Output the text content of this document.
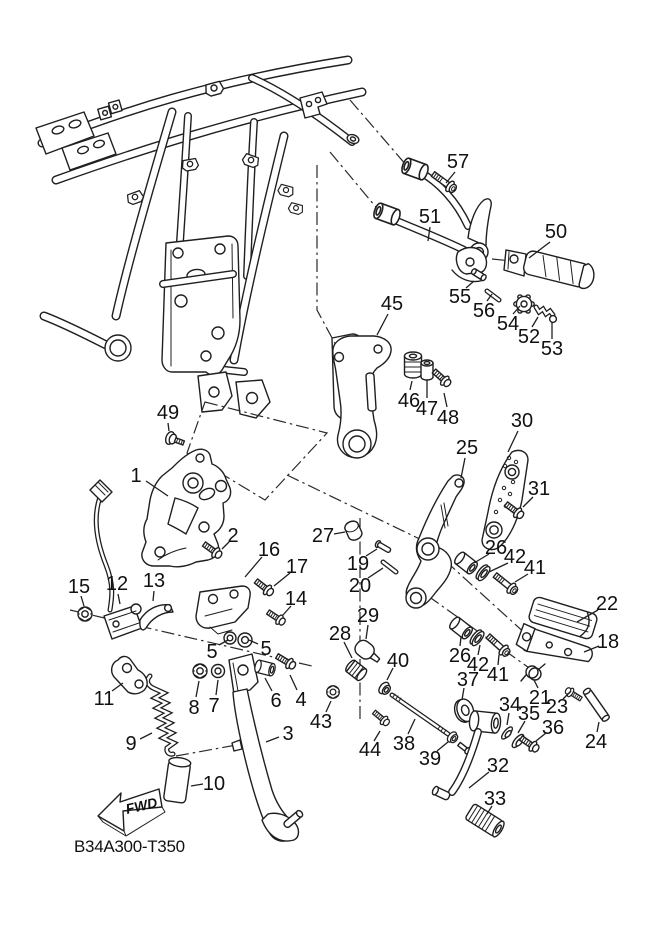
FWD
B34A300-T350
57
51
50
55
56
54
52
53
45
46
47
48	30
25
31
49
1
2	27
16
17
15 12 13
14
5 5
8 7	6 4
43
11
9	3
10
19
20
26
42
41
22
18
26
42
41
37
34
35
36
21
23
24
44 38
39
40
29
28
32
33
